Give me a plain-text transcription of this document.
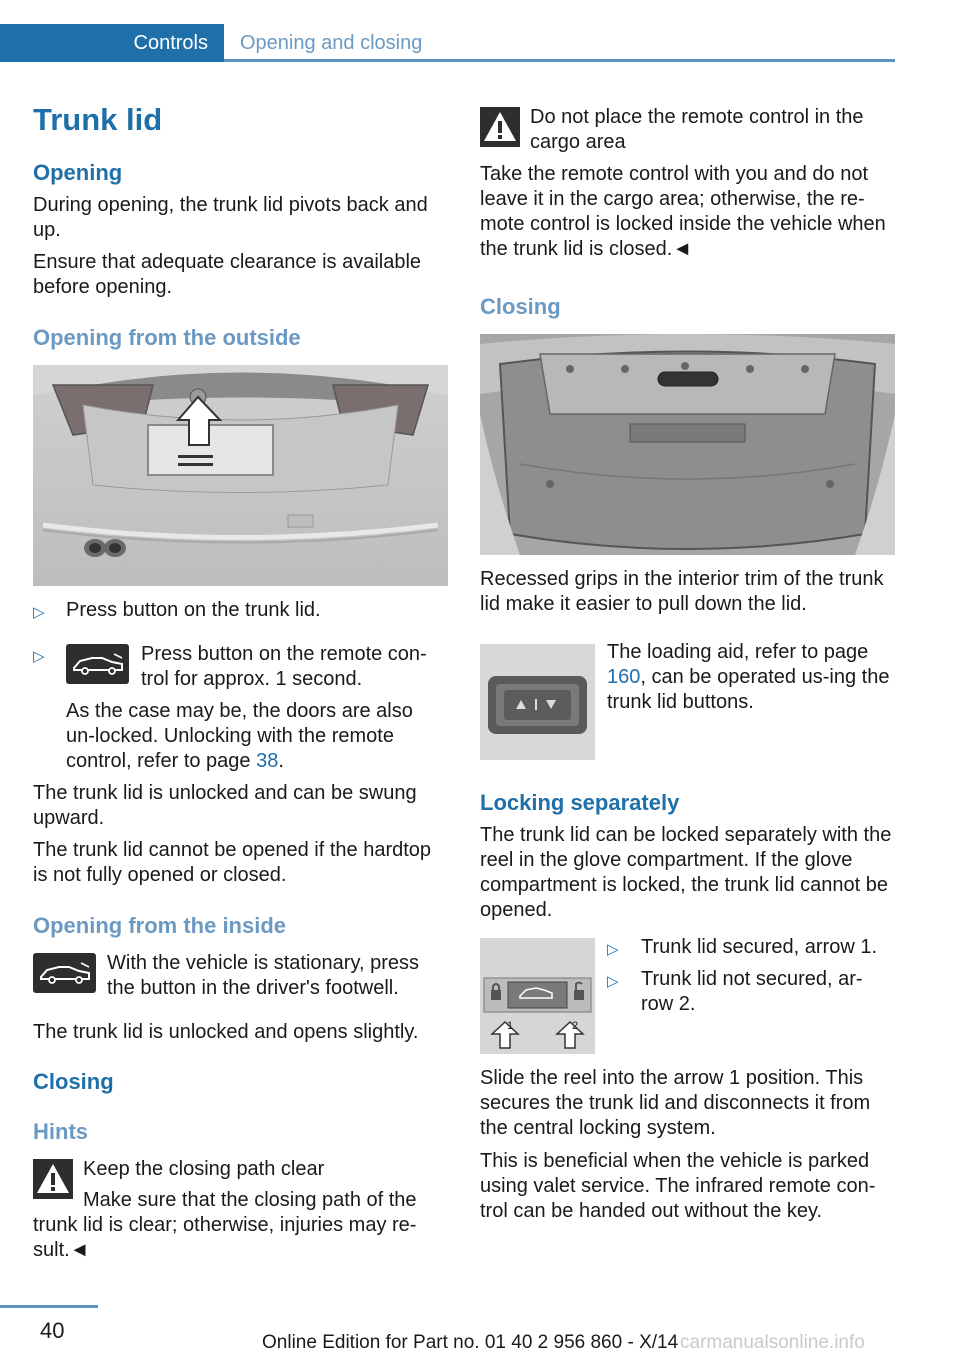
Controls	Opening and closing
Trunk lid
Opening
During opening, the trunk lid pivots back and up.
Ensure that adequate clearance is available before opening.
Opening from the outside
▷ Press button on the trunk lid.
▷	Press button on the remote con-trol for approx. 1 second.
As the case may be, the doors are also un-locked. Unlocking with the remote control, refer to page 38.
The trunk lid is unlocked and can be swung upward.
The trunk lid cannot be opened if the hardtop is not fully opened or closed.
Opening from the inside
With the vehicle is stationary, press the button in the driver's footwell.
The trunk lid is unlocked and opens slightly.
Closing
Hints
Keep the closing path clear
Make sure that the closing path of the trunk lid is clear; otherwise, injuries may re-sult.◄
Do not place the remote control in the cargo area
Take the remote control with you and do not leave it in the cargo area; otherwise, the re-mote control is locked inside the vehicle when the trunk lid is closed.◄
Closing
Recessed grips in the interior trim of the trunk lid make it easier to pull down the lid.
The loading aid, refer to page 160, can be operated us-ing the trunk lid buttons.
Locking separately
The trunk lid can be locked separately with the reel in the glove compartment. If the glove compartment is locked, the trunk lid cannot be opened.
1	2
▷ Trunk lid secured, arrow 1.
▷ Trunk lid not secured, ar-row 2.
Slide the reel into the arrow 1 position. This secures the trunk lid and disconnects it from the central locking system.
This is beneficial when the vehicle is parked using valet service. The infrared remote con-trol can be handed out without the key.
40	Online Edition for Part no. 01 40 2 956 860 - X/14 carmanualsonline.info
